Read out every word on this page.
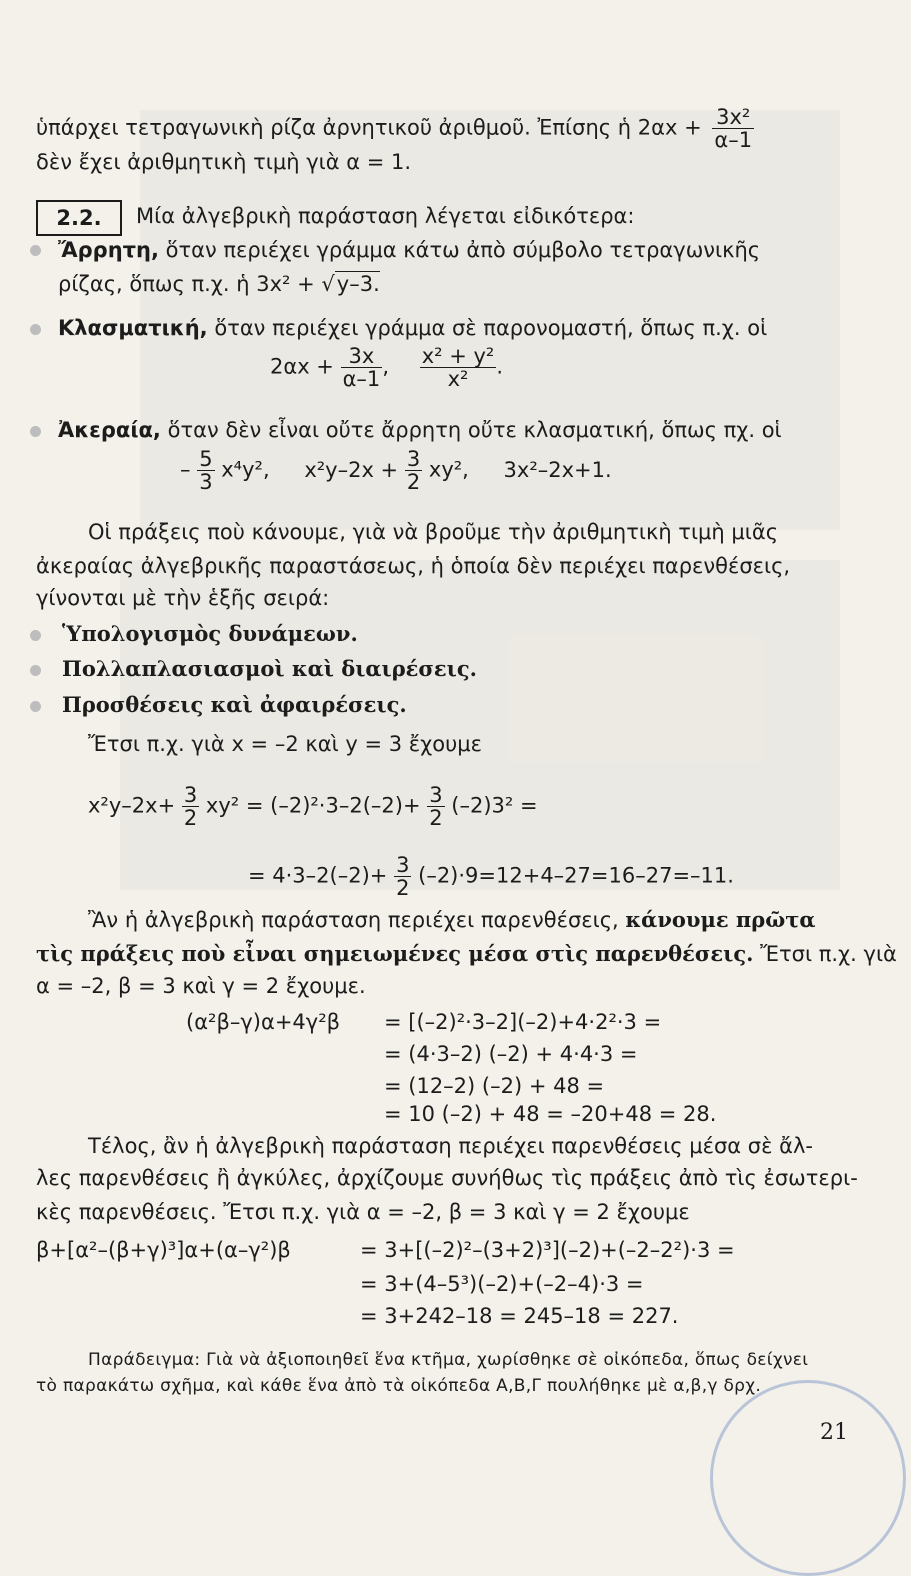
ὑπάρχει τετραγωνικὴ ρίζα ἀρνητικοῦ ἀριθμοῦ. Ἐπίσης ἡ $2\alpha x + \frac{\text{3x²}}{\alpha-1}$
δὲν ἔχει ἀριθμητικὴ τιμὴ γιὰ α = 1.
2.2.	Μία ἀλγεβρικὴ παράσταση λέγεται εἰδικότερα:
Ἄρρητη, ὅταν περιέχει γράμμα κάτω ἀπὸ σύμβολο τετραγωνικῆς
ρίζας, ὅπως π.χ. ἡ 3x² + √y–3.
Κλασματική, ὅταν περιέχει γράμμα σὲ παρονομαστή, ὅπως π.χ. οἱ
$2\alpha x + \frac{3x}{\alpha-1}$ , $\frac{\text{x² + y²}}{\text{x²}}$ .
Ἀκεραία, ὅταν δὲν εἶναι οὔτε ἄρρητη οὔτε κλασματική, ὅπως πχ. οἱ
– $\frac{5}{3} x^4y^2$, $x^2y-2x + \frac{3}{2} xy^2$, 3x²–2x+1.
Οἱ πράξεις ποὺ κάνουμε, γιὰ νὰ βροῦμε τὴν ἀριθμητικὴ τιμὴ μιᾶς
ἀκεραίας ἀλγεβρικῆς παραστάσεως, ἡ ὁποία δὲν περιέχει παρενθέσεις,
γίνονται μὲ τὴν ἑξῆς σειρά:
Ὑπολογισμὸς δυνάμεων.
Πολλαπλασιασμοὶ καὶ διαιρέσεις.
Προσθέσεις καὶ ἀφαιρέσεις.
Ἔτσι π.χ. γιὰ x = –2 καὶ y = 3 ἔχουμε
$x^2y-2x+ \frac{3}{2} xy^2 = (-2)^2\cdot 3-2(-2)+ \frac{3}{2} (-2)3^2$ =
= $4\cdot 3-2(-2)+ \frac{3}{2} (-2)\cdot 9=12+4-27=16-27=-11$.
Ἂν ἡ ἀλγεβρικὴ παράσταση περιέχει παρενθέσεις, κάνουμε πρῶτα
τὶς πράξεις ποὺ εἶναι σημειωμένες μέσα στὶς παρενθέσεις. Ἔτσι π.χ. γιὰ
α = –2, β = 3 καὶ γ = 2 ἔχουμε.
(α²β–γ)α+4γ²β = [(–2)²·3–2](–2)+4·2²·3 =
= (4·3–2) (–2) + 4·4·3 =
= (12–2) (–2) + 48 =
= 10 (–2) + 48 = –20+48 = 28.
Τέλος, ἂν ἡ ἀλγεβρικὴ παράσταση περιέχει παρενθέσεις μέσα σὲ ἄλ-
λες παρενθέσεις ἢ ἀγκύλες, ἀρχίζουμε συνήθως τὶς πράξεις ἀπὸ τὶς ἐσωτερι-
κὲς παρενθέσεις. Ἔτσι π.χ. γιὰ α = –2, β = 3 καὶ γ = 2 ἔχουμε
β+[α²–(β+γ)³]α+(α–γ²)β	= 3+[(–2)²–(3+2)³](–2)+(–2–2²)·3 =
= 3+(4–5³)(–2)+(–2–4)·3 =
= 3+242–18 = 245–18 = 227.
Παράδειγμα: Γιὰ νὰ ἀξιοποιηθεῖ ἕνα κτῆμα, χωρίσθηκε σὲ οἰκόπεδα, ὅπως δείχνει
τὸ παρακάτω σχῆμα, καὶ κάθε ἕνα ἀπὸ τὰ οἰκόπεδα Α,Β,Γ πουλήθηκε μὲ α,β,γ δρχ.
21
